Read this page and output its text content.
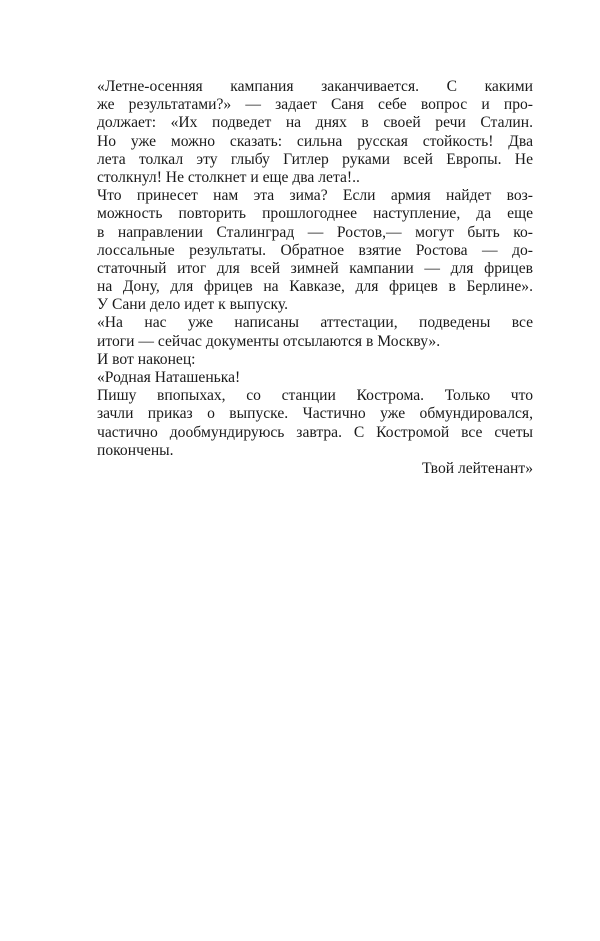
«Летне-осенняя кампания заканчивается. С какими
же результатами?» — задает Саня себе вопрос и про-
должает: «Их подведет на днях в своей речи Сталин.
Но уже можно сказать: сильна русская стойкость! Два
лета толкал эту глыбу Гитлер руками всей Европы. Не
столкнул! Не столкнет и еще два лета!..
Что принесет нам эта зима? Если армия найдет воз-
можность повторить прошлогоднее наступление, да еще
в направлении Сталинград — Ростов,— могут быть ко-
лоссальные результаты. Обратное взятие Ростова — до-
статочный итог для всей зимней кампании — для фрицев
на Дону, для фрицев на Кавказе, для фрицев в Берлине».
У Сани дело идет к выпуску.
«На нас уже написаны аттестации, подведены все
итоги — сейчас документы отсылаются в Москву».
И вот наконец:
«Родная Наташенька!
Пишу впопыхах, со станции Кострома. Только что
зачли приказ о выпуске. Частично уже обмундировался,
частично дообмундируюсь завтра. С Костромой все счеты
покончены.
Твой лейтенант»
